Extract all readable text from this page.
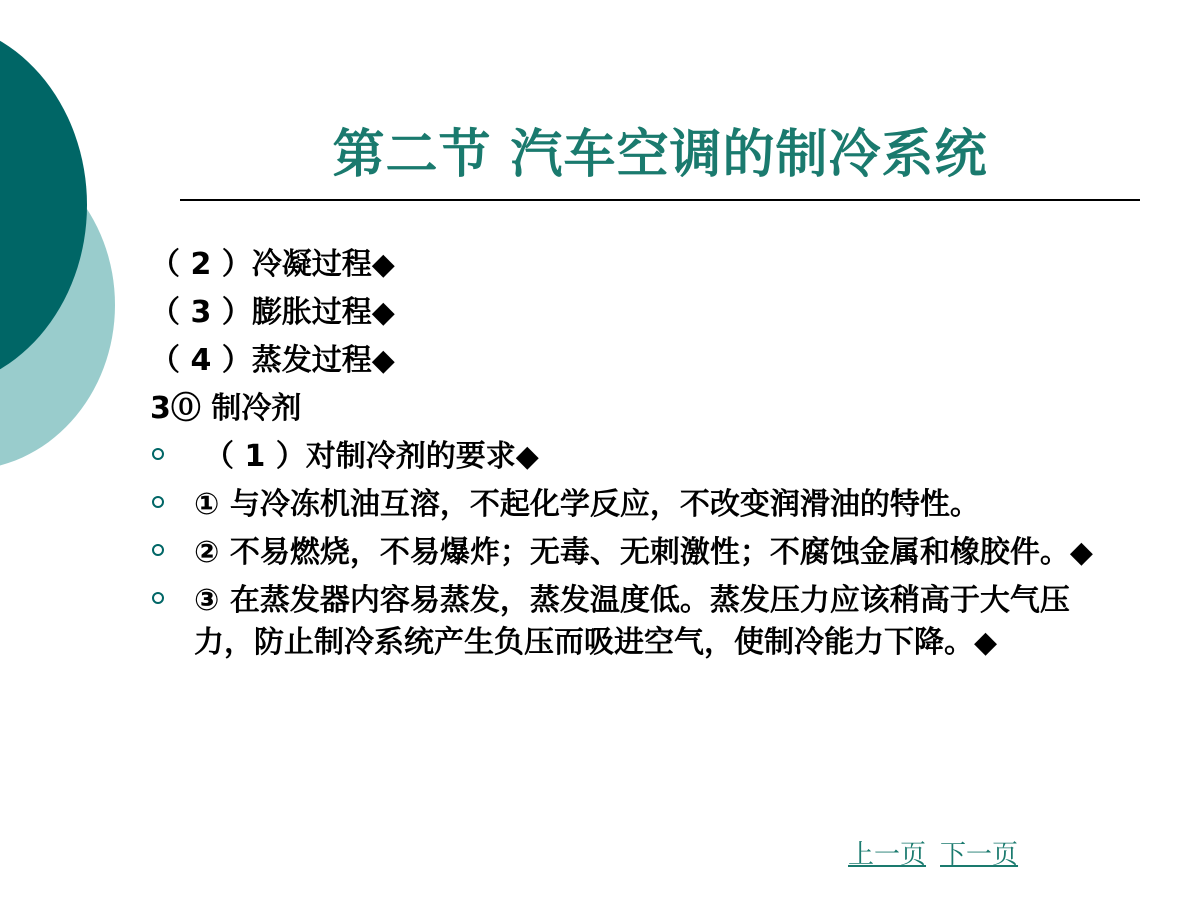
第二节 汽车空调的制冷系统
（ 2 ）冷凝过程◆
（ 3 ）膨胀过程◆
（ 4 ）蒸发过程◆
3⓪ 制冷剂
（ 1 ）对制冷剂的要求◆
① 与冷冻机油互溶，不起化学反应，不改变润滑油的特性。
② 不易燃烧，不易爆炸；无毒、无刺激性；不腐蚀金属和橡胶件。◆
③ 在蒸发器内容易蒸发，蒸发温度低。蒸发压力应该稍高于大气压力，防止制冷系统产生负压而吸进空气，使制冷能力下降。◆
上一页 下一页
